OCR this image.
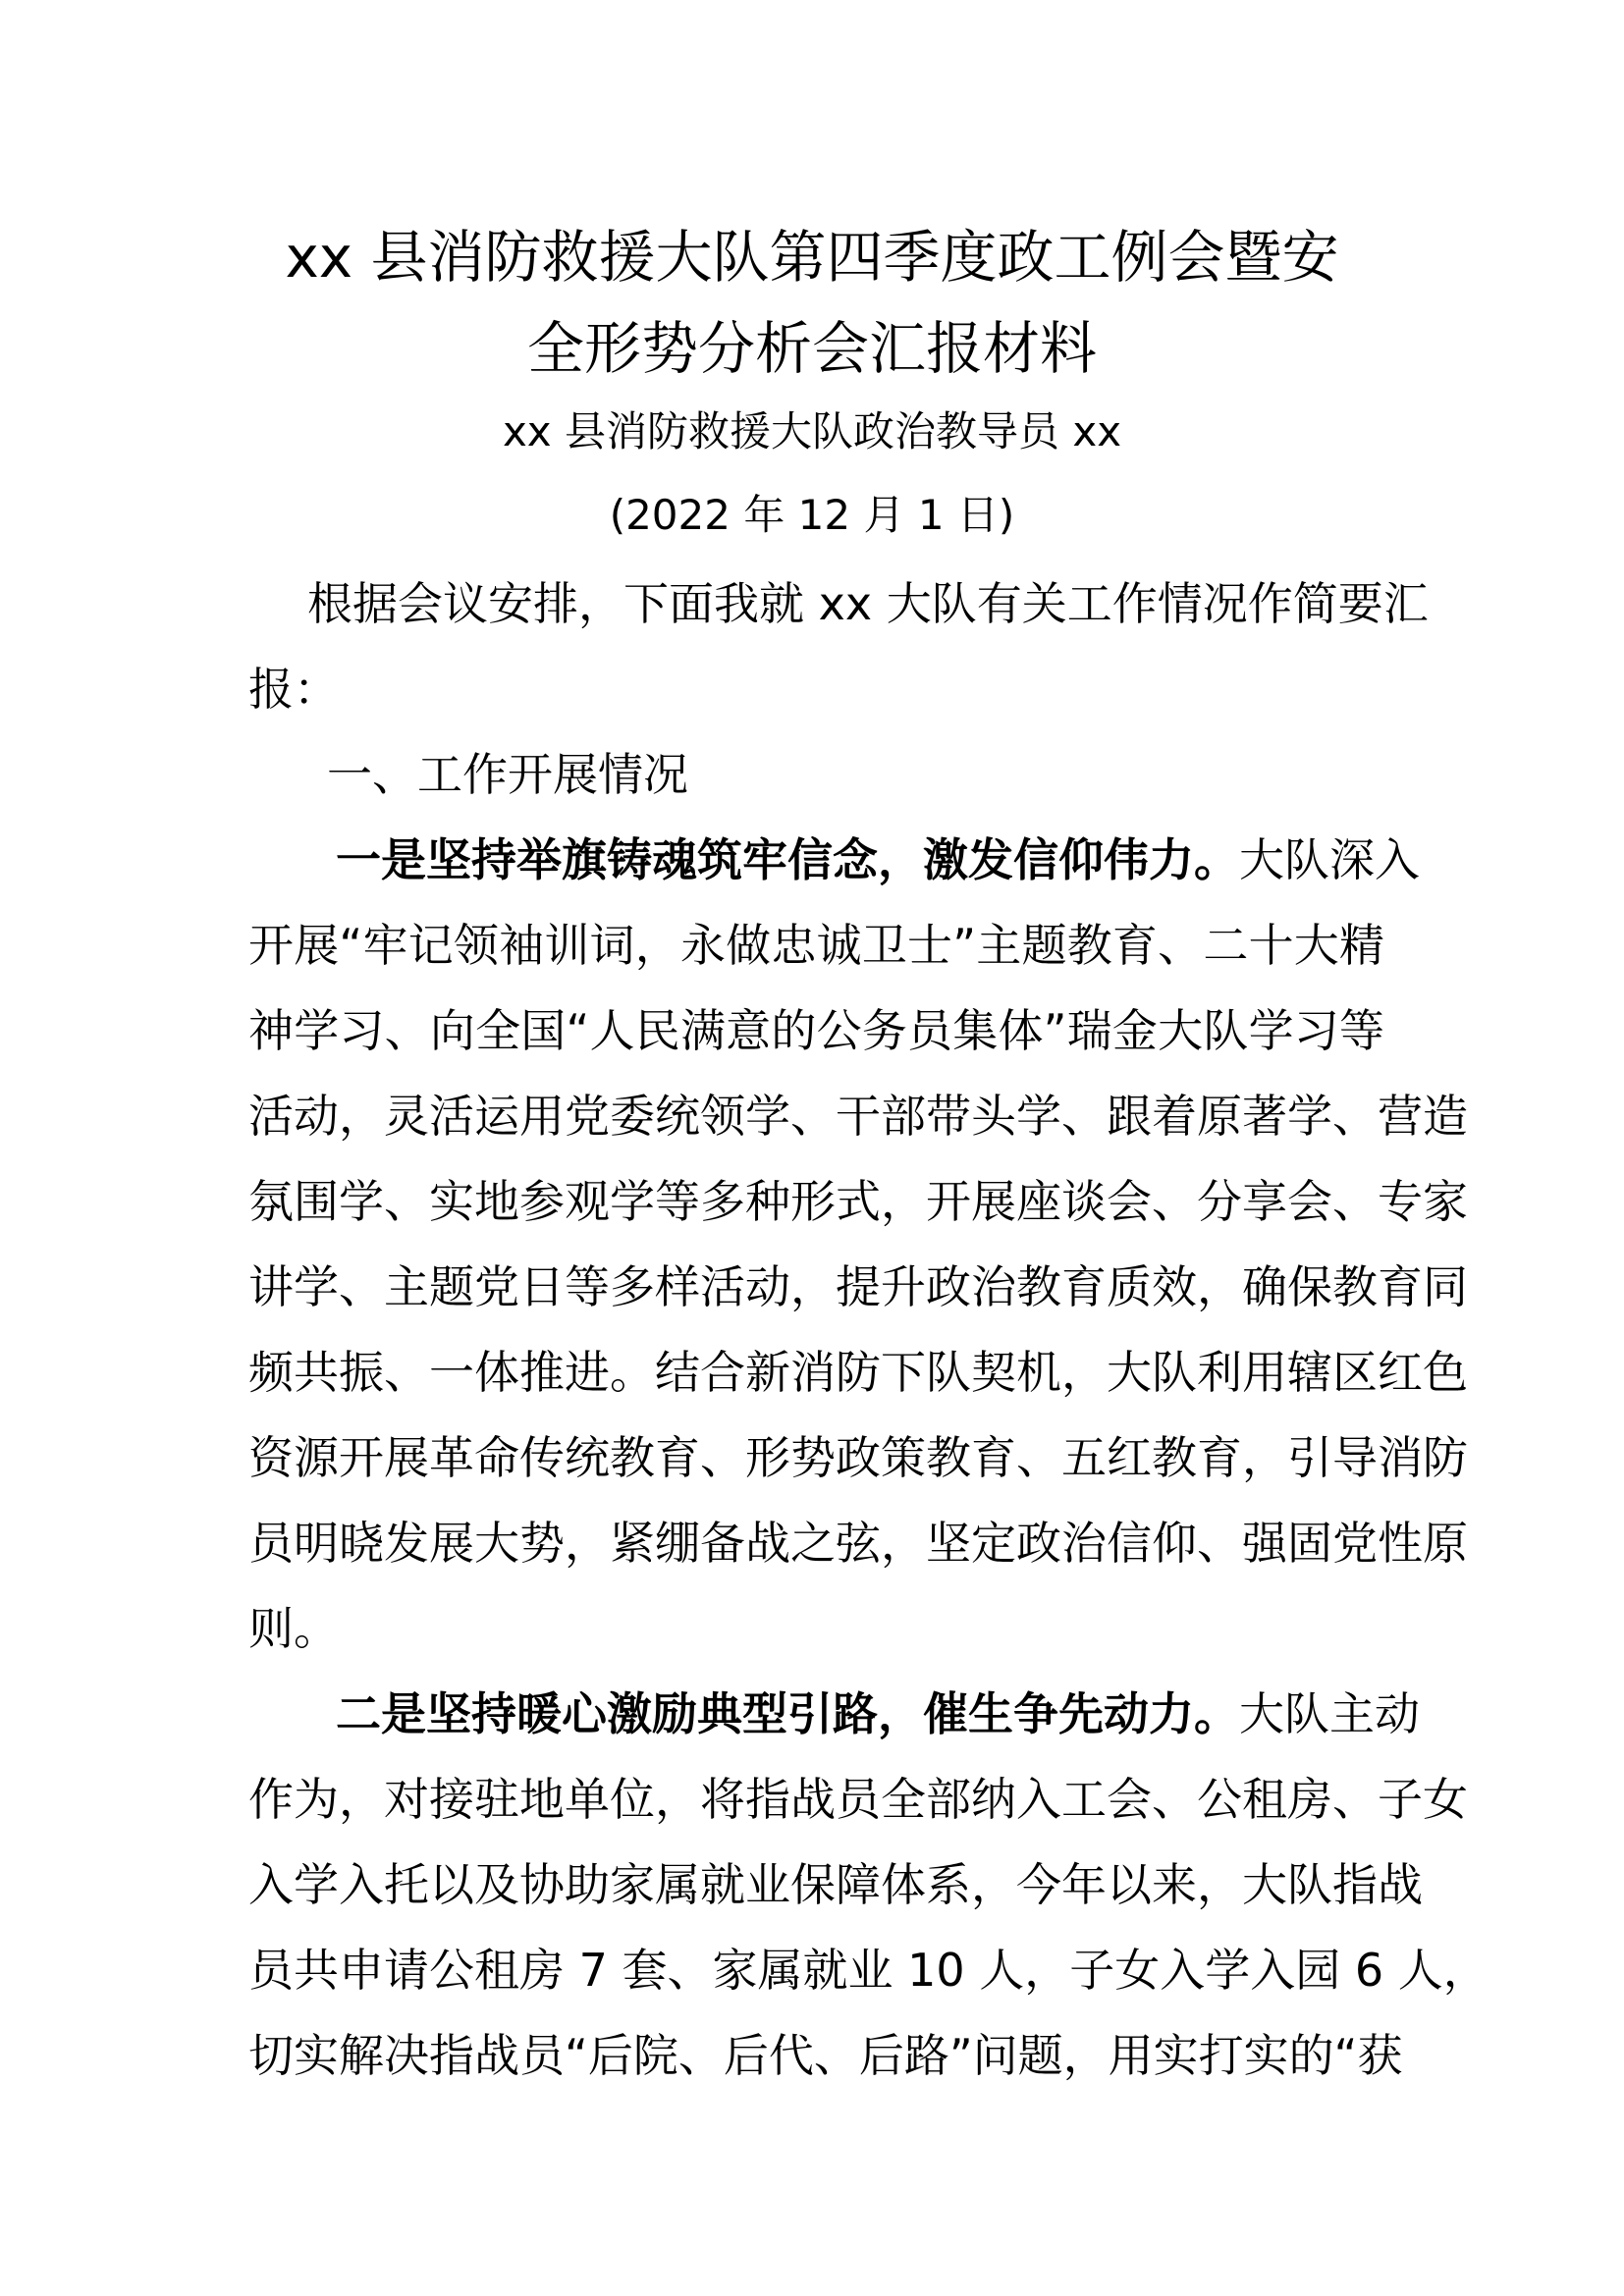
xx 县消防救援大队第四季度政工例会暨安
全形势分析会汇报材料
xx 县消防救援大队政治教导员 xx
(2022 年 12 月 1 日)
根据会议安排，下面我就 xx 大队有关工作情况作简要汇
报：
一、工作开展情况
一是坚持举旗铸魂筑牢信念，激发信仰伟力。大队深入
开展“牢记领袖训词，永做忠诚卫士”主题教育、二十大精
神学习、向全国“人民满意的公务员集体”瑞金大队学习等
活动，灵活运用党委统领学、干部带头学、跟着原著学、营造
氛围学、实地参观学等多种形式，开展座谈会、分享会、专家
讲学、主题党日等多样活动，提升政治教育质效，确保教育同
频共振、一体推进。结合新消防下队契机，大队利用辖区红色
资源开展革命传统教育、形势政策教育、五红教育，引导消防
员明晓发展大势，紧绷备战之弦，坚定政治信仰、强固党性原
则。
二是坚持暖心激励典型引路，催生争先动力。大队主动
作为，对接驻地单位，将指战员全部纳入工会、公租房、子女
入学入托以及协助家属就业保障体系，今年以来，大队指战
员共申请公租房 7 套、家属就业 10 人，子女入学入园 6 人，
切实解决指战员“后院、后代、后路”问题，用实打实的“获
